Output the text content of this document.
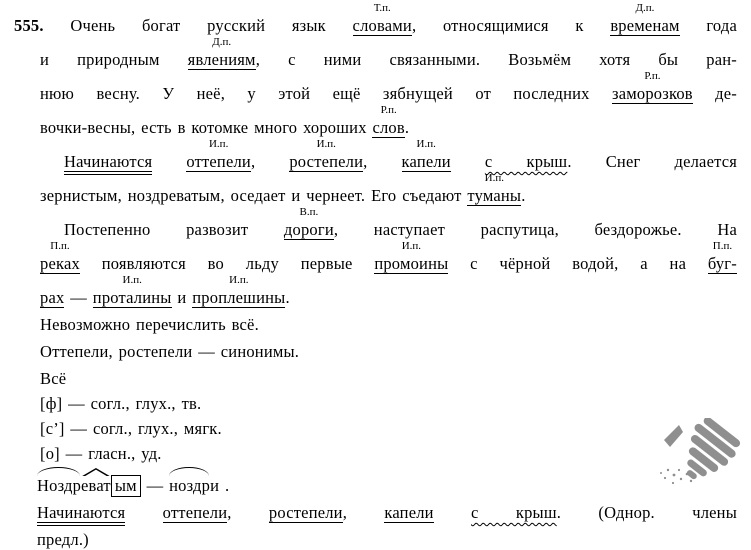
555. Очень богат русский язык словами
Т.п.
, относящимися к временам
Д.п.
года
и природным явлениям
Д.п.
, с ними связанными. Возьмём хотя бы ран-
нюю весну. У неё, у этой ещё зябнущей от последних заморозков
Р.п.
де-
вочки-весны, есть в котомке много хороших слов
Р.п.
.
Начинаются оттепели
И.п.
, ростепели
И.п.
, капели
И.п.
с крыш. Снег делается
зернистым, ноздреватым, оседает и чернеет. Его съедают туманы
И.п.
.
Постепенно развозит дороги
В.п.
, наступает распутица, бездорожье. На
реках
П.п.
появляются во льду первые промоины
И.п.
с чёрной водой, а на буг-
П.п.
рах — проталины
И.п.
и проплешины
И.п.
.
Невозможно перечислить всё.
Оттепели, ростепели — синонимы.
Всё
[ф] — согл., глух., тв.
[с’] — согл., глух., мягк.
[о] — гласн., уд.
Ноздреват ым — ноздри .
Начинаются оттепели, ростепели, капели с крыш. (Однор. члены
предл.)
